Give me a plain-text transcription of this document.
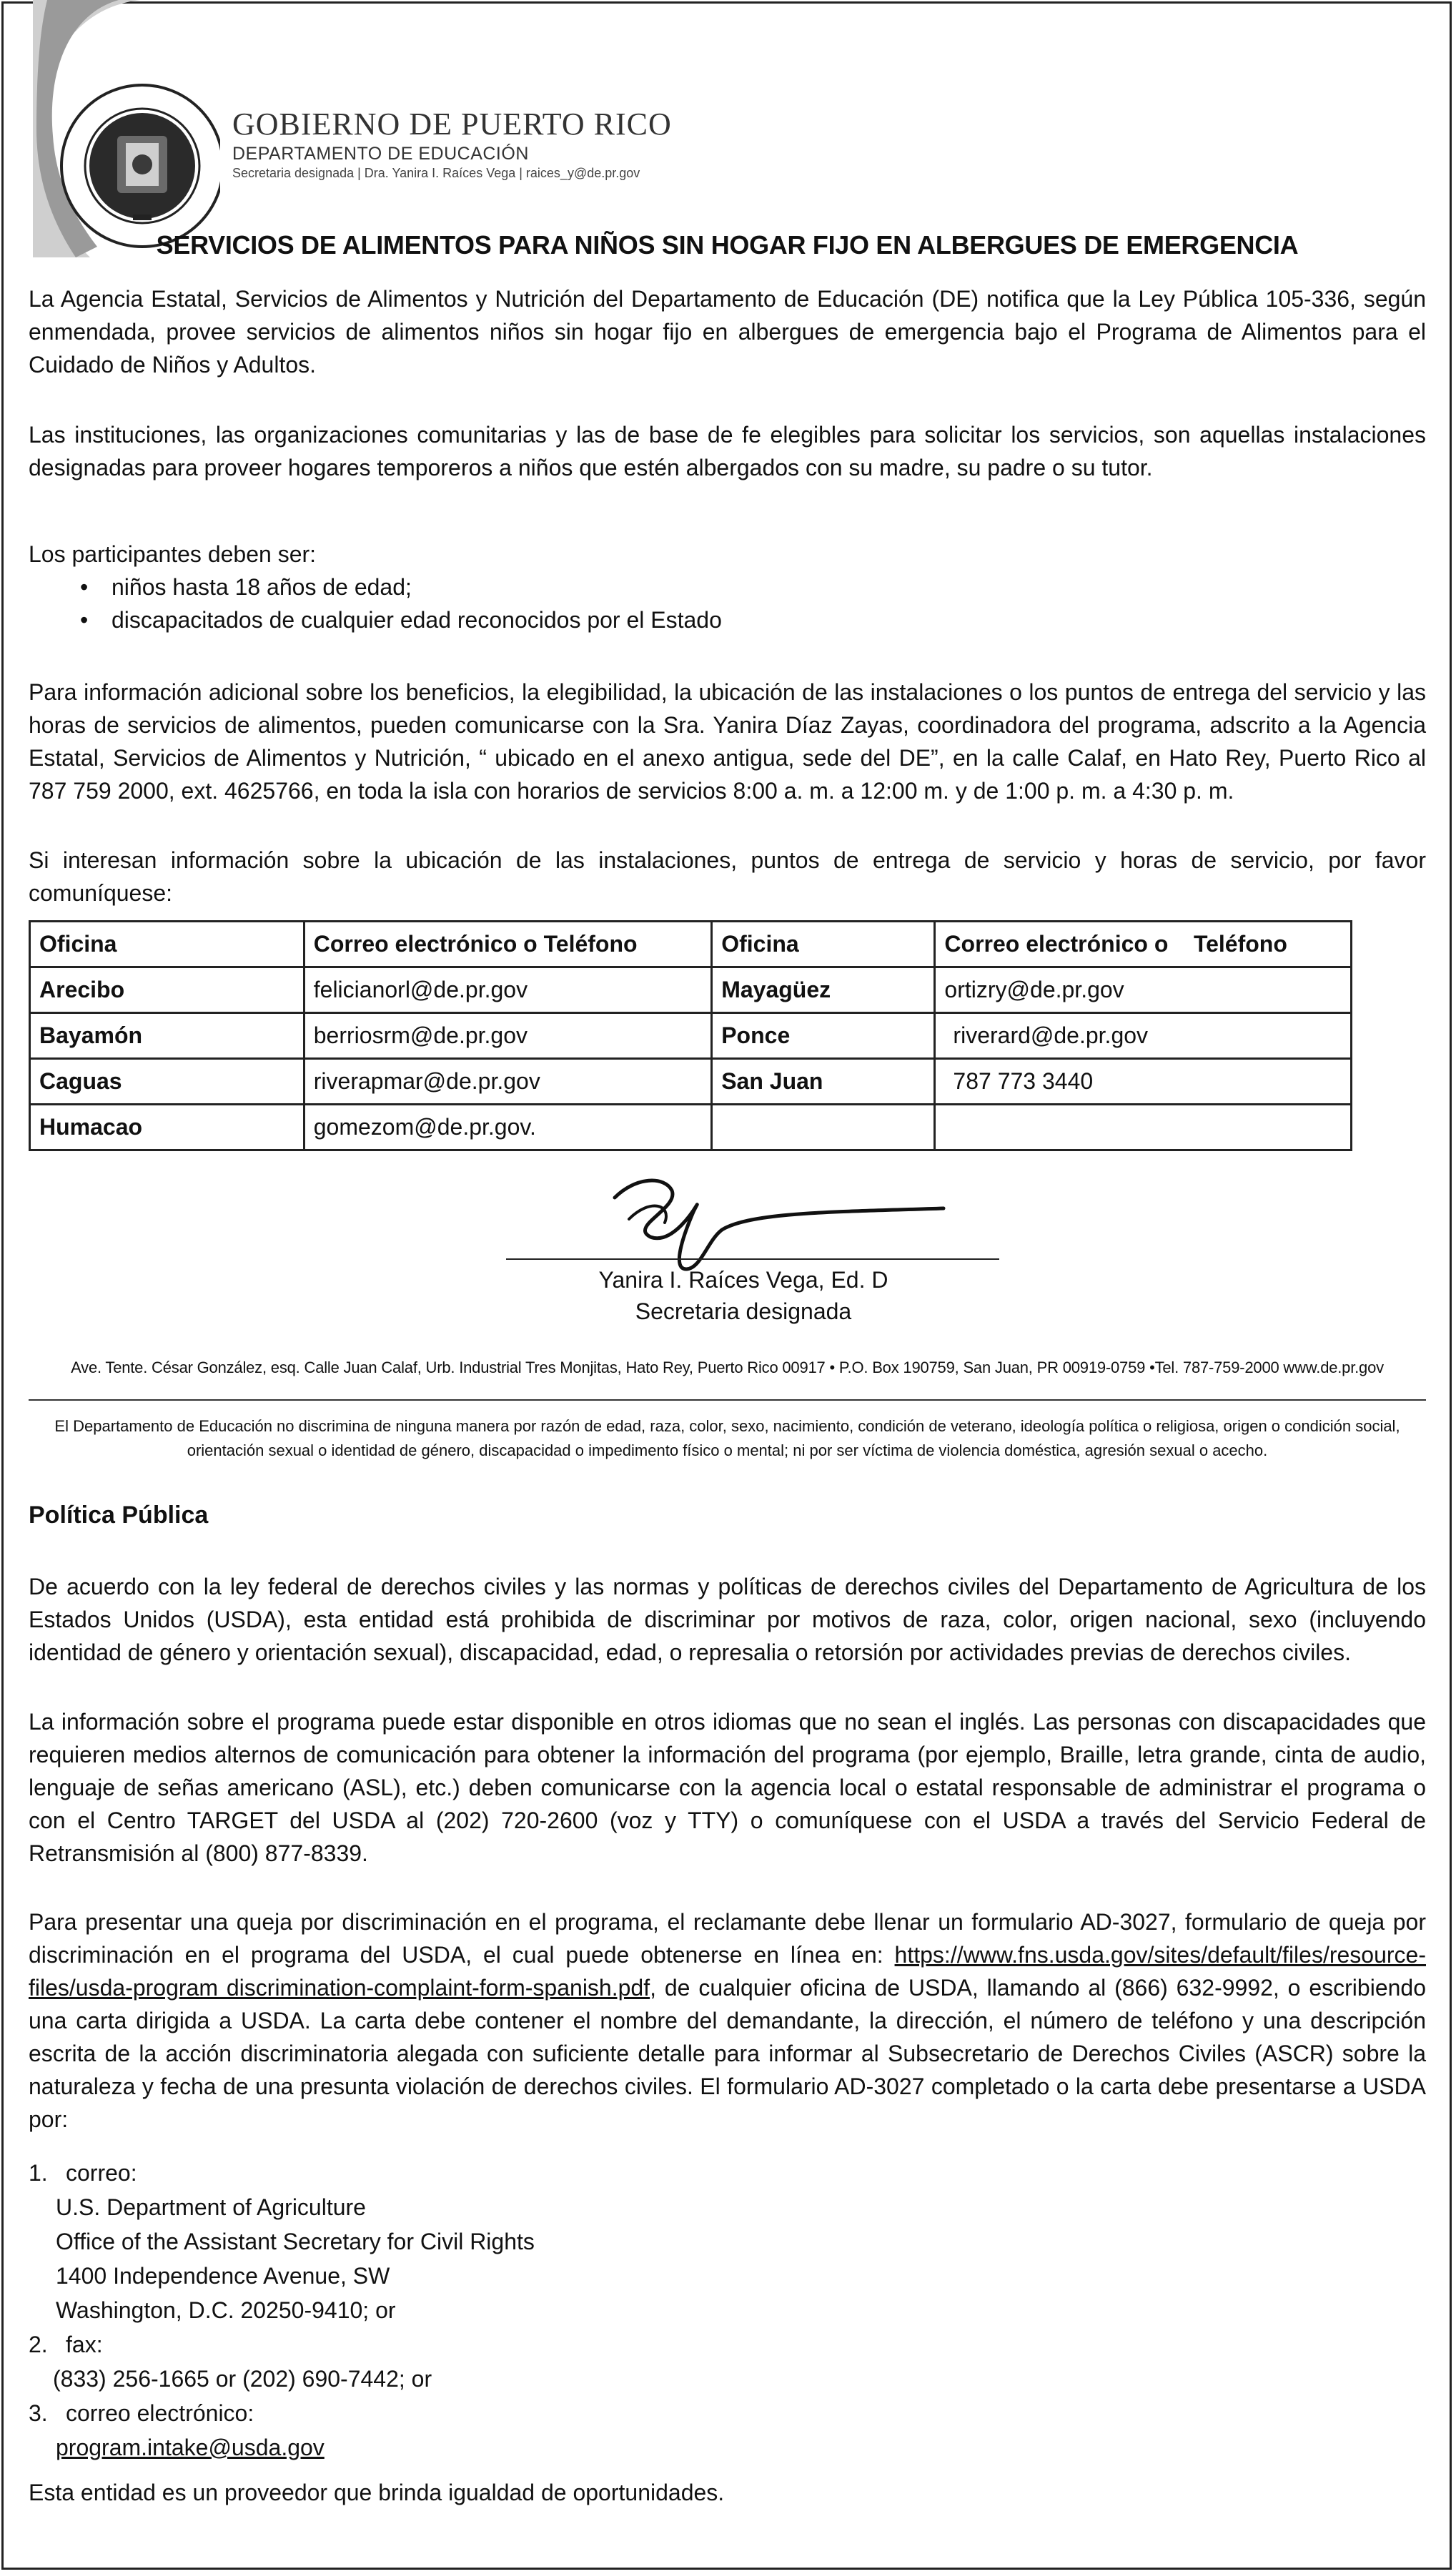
GOBIERNO DE PUERTO RICO
DEPARTAMENTO DE EDUCACIÓN
Secretaria designada | Dra. Yanira I. Raíces Vega | raices_y@de.pr.gov
SERVICIOS DE ALIMENTOS PARA NIÑOS SIN HOGAR FIJO EN ALBERGUES DE EMERGENCIA

La Agencia Estatal, Servicios de Alimentos y Nutrición del Departamento de Educación (DE) notifica que la Ley Pública 105-336, según enmendada, provee servicios de alimentos niños sin hogar fijo en albergues de emergencia bajo el Programa de Alimentos para el Cuidado de Niños y Adultos.

Las instituciones, las organizaciones comunitarias y las de base de fe elegibles para solicitar los servicios, son aquellas instalaciones designadas para proveer hogares temporeros a niños que estén albergados con su madre, su padre o su tutor.

Los participantes deben ser:
•	niños hasta 18 años de edad;
•	discapacitados de cualquier edad reconocidos por el Estado

Para información adicional sobre los beneficios, la elegibilidad, la ubicación de las instalaciones o los puntos de entrega del servicio y las horas de servicios de alimentos, pueden comunicarse con la Sra. Yanira Díaz Zayas, coordinadora del programa, adscrito a la Agencia Estatal, Servicios de Alimentos y Nutrición, “ ubicado en el anexo antigua, sede del DE”, en la calle Calaf, en Hato Rey, Puerto Rico al 787 759 2000, ext. 4625766, en toda la isla con horarios de servicios 8:00 a. m. a 12:00 m. y de 1:00 p. m. a 4:30 p. m.

Si interesan información sobre la ubicación de las instalaciones, puntos de entrega de servicio y horas de servicio, por favor comuníquese:

Oficina	Correo electrónico o Teléfono	Oficina	Correo electrónico o    Teléfono
Arecibo	felicianorl@de.pr.gov	Mayagüez	ortizry@de.pr.gov
Bayamón	berriosrm@de.pr.gov	Ponce	riverard@de.pr.gov
Caguas	riverapmar@de.pr.gov	San Juan	787 773 3440
Humacao	gomezom@de.pr.gov.		
Yanira I. Raíces Vega, Ed. D
Secretaria designada
Ave. Tente. César González, esq. Calle Juan Calaf, Urb. Industrial Tres Monjitas, Hato Rey, Puerto Rico 00917 • P.O. Box 190759, San Juan, PR 00919-0759 •Tel. 787-759-2000 www.de.pr.gov
El Departamento de Educación no discrimina de ninguna manera por razón de edad, raza, color, sexo, nacimiento, condición de veterano, ideología política o religiosa, origen o condición social, orientación sexual o identidad de género, discapacidad o impedimento físico o mental; ni por ser víctima de violencia doméstica, agresión sexual o acecho.
Política Pública

De acuerdo con la ley federal de derechos civiles y las normas y políticas de derechos civiles del Departamento de Agricultura de los Estados Unidos (USDA), esta entidad está prohibida de discriminar por motivos de raza, color, origen nacional, sexo (incluyendo identidad de género y orientación sexual), discapacidad, edad, o represalia o retorsión por actividades previas de derechos civiles.

La información sobre el programa puede estar disponible en otros idiomas que no sean el inglés. Las personas con discapacidades que requieren medios alternos de comunicación para obtener la información del programa (por ejemplo, Braille, letra grande, cinta de audio, lenguaje de señas americano (ASL), etc.) deben comunicarse con la agencia local o estatal responsable de administrar el programa o con el Centro TARGET del USDA al (202) 720-2600 (voz y TTY) o comuníquese con el USDA a través del Servicio Federal de Retransmisión al (800) 877-8339.

Para presentar una queja por discriminación en el programa, el reclamante debe llenar un formulario AD-3027, formulario de queja por discriminación en el programa del USDA, el cual puede obtenerse en línea en: https://www.fns.usda.gov/sites/default/files/resource-files/usda-program discrimination-complaint-form-spanish.pdf, de cualquier oficina de USDA, llamando al (866) 632-9992, o escribiendo una carta dirigida a USDA. La carta debe contener el nombre del demandante, la dirección, el número de teléfono y una descripción escrita de la acción discriminatoria alegada con suficiente detalle para informar al Subsecretario de Derechos Civiles (ASCR) sobre la naturaleza y fecha de una presunta violación de derechos civiles. El formulario AD-3027 completado o la carta debe presentarse a USDA por:

1. correo:
U.S. Department of Agriculture
Office of the Assistant Secretary for Civil Rights
1400 Independence Avenue, SW
Washington, D.C. 20250-9410; or
2. fax:
(833) 256-1665 or (202) 690-7442; or
3. correo electrónico:
program.intake@usda.gov
Esta entidad es un proveedor que brinda igualdad de oportunidades.
